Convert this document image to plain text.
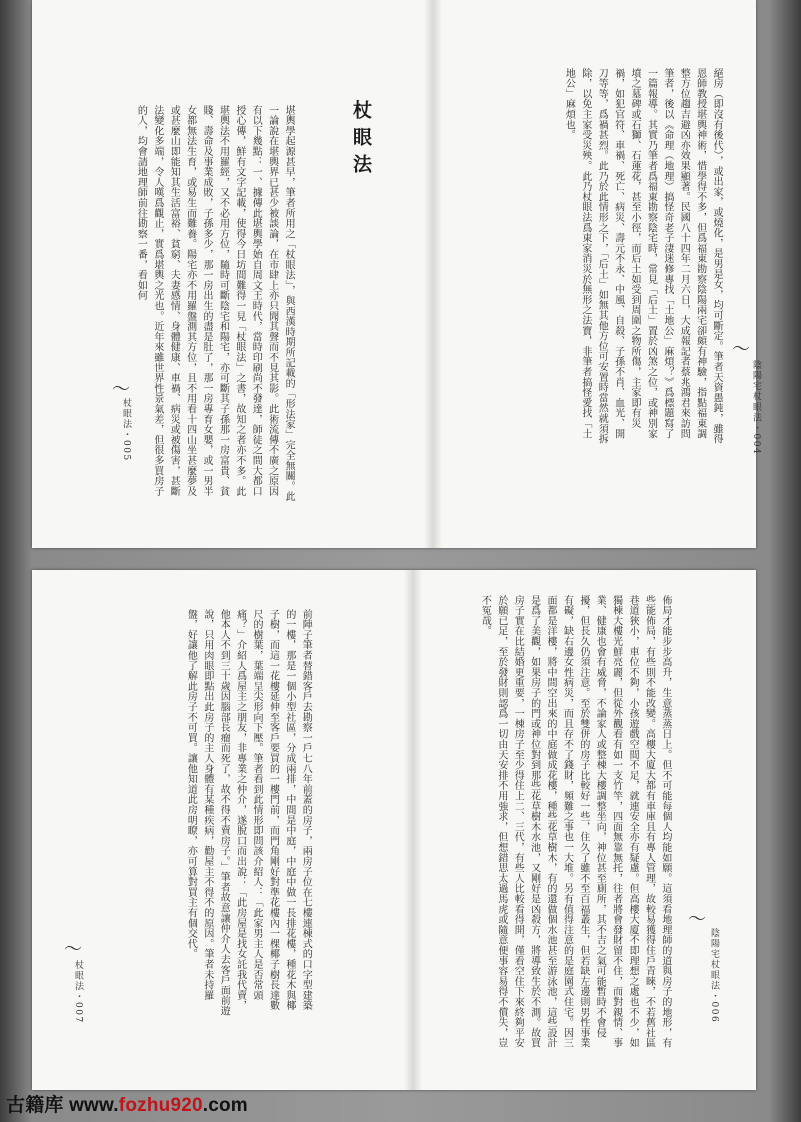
陰陽宅杖眼法・004
〜
絕房（即沒有後代），或出家，或燒化，是男是女，均可斷定。筆者天資愚鈍，雖得恩師教授堪輿神術，惜學得不多，但爲福東勘察陰陽兩宅卻頗有神驗，指點福東調整方位趨吉避凶亦效果顯著。民國八十四年二月六日，大成報記者蔡兆鴻君來訪問筆者，後以《命理（地理）搞怪奇老子淒迷修專找「土地公」麻煩？》爲標題寫了一篇報導。其實乃筆者爲福東勘察陰宅時，常見「后土」置於凶煞之位，或神別家墳之墓碑或石獅、石蓮花，甚至小徑，而后土如受到周圍之物所傷，主家即有災禍，如犯官符、車禍、死亡、病災、壽元不永、中風、自殺、子孫不肖、血光、開刀等等，爲禍甚烈。此乃於此情形之下，「后土」如無其他方位可安置時當然就須拆除，以免主家受災殃。此乃杖眼法爲東家消災於無形之法寶，非筆者搞怪愛找「土地公」麻煩也。
杖眼法
堪輿學起源甚早，筆者所用之「杖眼法」，與西漢時期所記載的「形法家」完全無關。此一論說在堪輿界已甚少被談論，在市肆上亦只聞其聲而不見其影。此術流傳不廣之原因有以下幾點：一、據傳此堪輿學始自周文王時代，當時印刷尚不發達，師徒之間大都口授心傳，鮮有文字記載，使得今日坊間難得一見「杖眼法」之書，故知之者亦不多。此堪輿法不用羅經，又不必用方位，隨時可斷陰宅和陽宅，亦可斷其子孫那一房富貴、貧賤、壽命及事業成敗，子孫多少，那一房出生的盡是肚了，那一房專育女嬰，或一男半女都無法生育，或易生而難養。陽宅亦不用羅盤測其方位，且不用看十四山坐甚麼夢及或甚麼山即能知其生活富裕、貧窮、夫妻感情、身體健康、車禍、病災或被傷害，甚斷法變化多端，令人嘆爲觀止，實爲堪輿之光也。近年來雖世界性景氣差，但很多買房子的人，均會請地理師前往勘察一番，看如何
〜
杖眼法・005
佈局才能步步高升，生意蒸蒸日上。但不可能每個人均能如願。這須看地理師的道與房子的地形，有些能佈局，有些則不能改變。高樓大廈大都有車庫且有專人管理，故較易獲得住戶青睞，不若舊社區巷道狹小，車位不夠，小孩遊戲空間不足，就連安全亦有疑慮。但高樓大廈不即理想之處也不少，如獨棟大樓光鮮亮麗，但從外觀看有如一支竹竿，四面無靠無托，往者將會發財留不住，而對親情、事業、健康也會有威脅，不論家人或整棟大樓調整坐向，神位甚至廁所，其不吉之氣可能暫時不會侵擾，但長久仍須注意。至於雙併的房子比較好一些，住久了雖不至百福叢生，但若缺左邊則男性事業有礙，缺右邊女性病災，而且存不了錢財，頻難之事也一大堆。另有值得注意的是庭園式住宅。因三面都是洋樓，將中間空出來的中庭做成花樓，種些花草樹木，有的還做個水池甚至游泳池，這些設計是爲了美觀，如果房子的門或神位對到那些花草樹木水池，又剛好是凶殺方，將導致生於不測。故買房子實在比結婚更重要，一棟房子至少得住上二、三代，有些人比較看得開，僅看空住下來終夠平安於願已足，至於發財則認爲一切由天安排不用強求，但想錯思太過馬虎或隨意便事容易得不償失，豈不冤哉。
〜
陰陽宅杖眼法・006
前陣子筆者替錯客戶去勘察一戶七八年前蓋的房子，兩房子位在七樓連棟式的口字型建築的一樓，那是一個小型社區，分成兩排，中間是中庭，中庭中做一長排花樓，種花木與椰子樹，而這一花樓延伸至客戶要買的一樓門前，而門角剛好對準花樓內一棵椰子樹長達數尺的樹葉，葉端呈尖形向下壓。筆者看到此情形即問該介紹人：「此家男主人是否常頭痛？」介紹人爲屋主之朋友，非專業之仲介，遂脫口而出說：「此房屋是找女託我代賣，他本人不到三十歲因腦部長瘤而死了，故不得不賣房子。」筆者故意讓仲介人去客戶面前遊說，只用肉眼即點出此房子的主人身體有某種疾病，勸屋主不得不的原因。筆者未持羅盤，好讓他了解此房子不可買。讓他知道此房明瞭，亦可算對買主有個交代。
〜
杖眼法・007
古籍库 www.fozhu920.com
